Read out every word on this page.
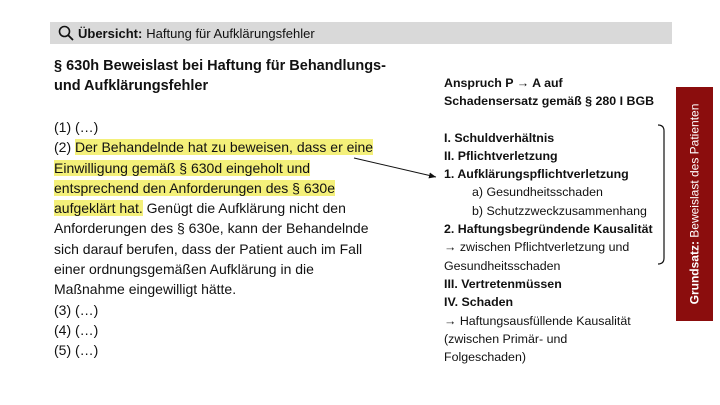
Übersicht: Haftung für Aufklärungsfehler
§ 630h Beweislast bei Haftung für Behandlungs-
und Aufklärungsfehler
(1) (…)
(2) Der Behandelnde hat zu beweisen, dass er eine
Einwilligung gemäß § 630d eingeholt und
entsprechend den Anforderungen des § 630e
aufgeklärt hat. Genügt die Aufklärung nicht den
Anforderungen des § 630e, kann der Behandelnde
sich darauf berufen, dass der Patient auch im Fall
einer ordnungsgemäßen Aufklärung in die
Maßnahme eingewilligt hätte.
(3) (…)
(4) (…)
(5) (…)
Anspruch P → A auf
Schadensersatz gemäß § 280 I BGB
I. Schuldverhältnis
II. Pflichtverletzung
1. Aufklärungspflichtverletzung
a) Gesundheitsschaden
b) Schutzzweckzusammenhang
2. Haftungsbegründende Kausalität
→ zwischen Pflichtverletzung und
Gesundheitsschaden
III. Vertretenmüssen
IV. Schaden
→ Haftungsausfüllende Kausalität
(zwischen Primär- und
Folgeschaden)
Grundsatz: Beweislast des Patienten
